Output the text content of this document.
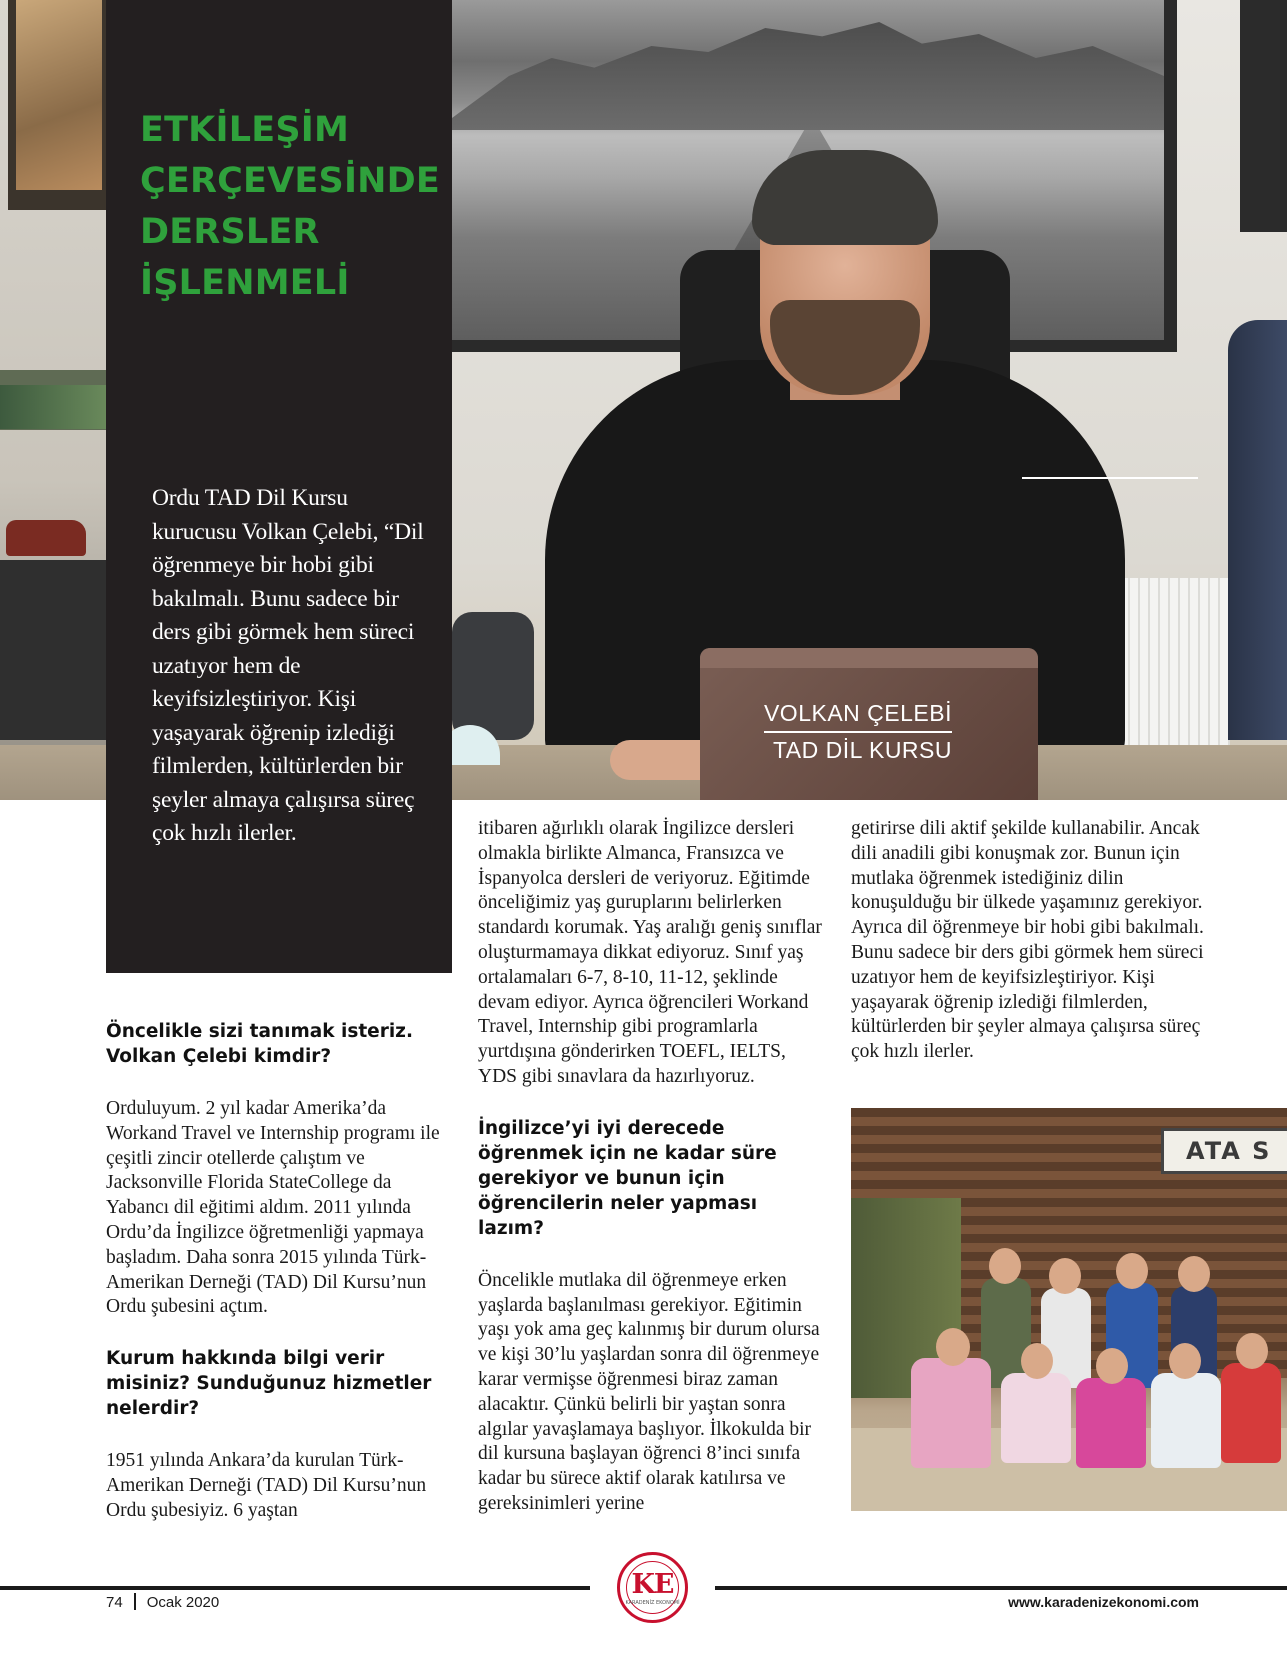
VOLKAN ÇELEBİ
TAD DİL KURSU
ETKİLEŞİM
ÇERÇEVESİNDE
DERSLER
İŞLENMELİ

Ordu TAD Dil Kursu kurucusu Volkan Çelebi, “Dil öğrenmeye bir hobi gibi bakılmalı. Bunu sadece bir ders gibi görmek hem süreci uzatıyor hem de keyifsizleştiriyor. Kişi yaşayarak öğrenip izlediği filmlerden, kültürlerden bir şeyler almaya çalışırsa süreç çok hızlı ilerler.

Öncelikle sizi tanımak isteriz. Volkan Çelebi kimdir?

Orduluyum. 2 yıl kadar Amerika’da Workand Travel ve Internship programı ile çeşitli zincir otellerde çalıştım ve Jacksonville Florida StateCollege da Yabancı dil eğitimi aldım. 2011 yılında Ordu’da İngilizce öğretmenliği yapmaya başladım. Daha sonra 2015 yılında Türk-Amerikan Derneği (TAD) Dil Kursu’nun Ordu şubesini açtım.

Kurum hakkında bilgi verir misiniz? Sunduğunuz hizmetler nelerdir?

1951 yılında Ankara’da kurulan Türk-Amerikan Derneği (TAD) Dil Kursu’nun Ordu şubesiyiz. 6 yaştan

itibaren ağırlıklı olarak İngilizce dersleri olmakla birlikte Almanca, Fransızca ve İspanyolca dersleri de veriyoruz. Eğitimde önceliğimiz yaş guruplarını belirlerken standardı korumak. Yaş aralığı geniş sınıflar oluşturmamaya dikkat ediyoruz. Sınıf yaş ortalamaları 6-7, 8-10, 11-12, şeklinde devam ediyor. Ayrıca öğrencileri Workand Travel, Internship gibi programlarla yurtdışına gönderirken TOEFL, IELTS, YDS gibi sınavlara da hazırlıyoruz.

İngilizce’yi iyi derecede öğrenmek için ne kadar süre gerekiyor ve bunun için öğrencilerin neler yapması lazım?

Öncelikle mutlaka dil öğrenmeye erken yaşlarda başlanılması gerekiyor. Eğitimin yaşı yok ama geç kalınmış bir durum olursa ve kişi 30’lu yaşlardan sonra dil öğrenmeye karar vermişse öğrenmesi biraz zaman alacaktır. Çünkü belirli bir yaştan sonra algılar yavaşlamaya başlıyor. İlkokulda bir dil kursuna başlayan öğrenci 8’inci sınıfa kadar bu sürece aktif olarak katılırsa ve gereksinimleri yerine

getirirse dili aktif şekilde kullanabilir. Ancak dili anadili gibi konuşmak zor. Bunun için mutlaka öğrenmek istediğiniz dilin konuşulduğu bir ülkede yaşamınız gerekiyor. Ayrıca dil öğrenmeye bir hobi gibi bakılmalı. Bunu sadece bir ders gibi görmek hem süreci uzatıyor hem de keyifsizleştiriyor. Kişi yaşayarak öğrenip izlediği filmlerden, kültürlerden bir şeyler almaya çalışırsa süreç çok hızlı ilerler.

ATA S
KE
KARADENİZ EKONOMİ
74 Ocak 2020	www.karadenizekonomi.com
